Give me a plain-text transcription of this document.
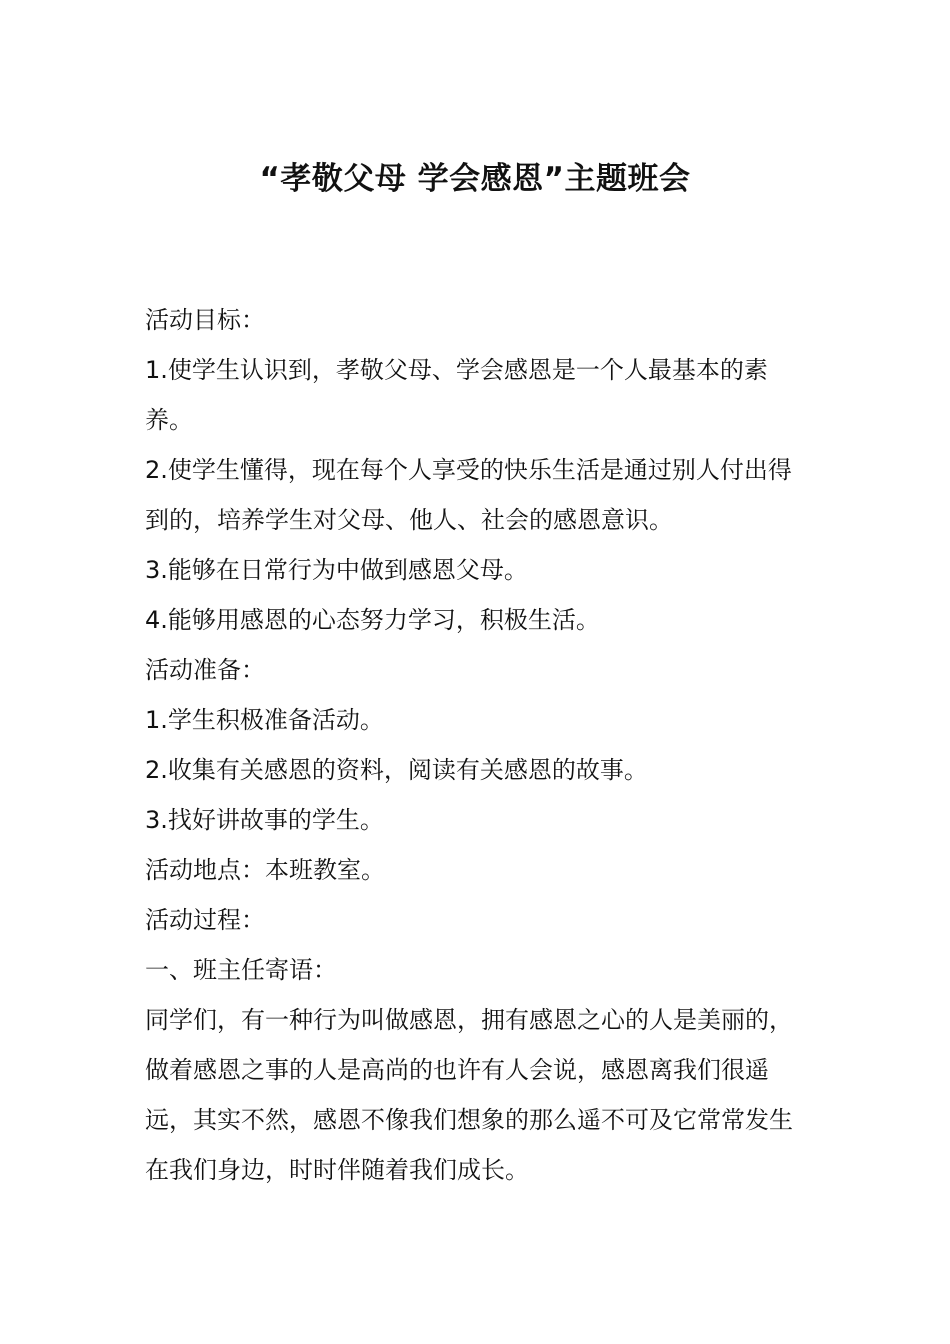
“孝敬父母 学会感恩”主题班会

活动目标：

1.使学生认识到，孝敬父母、学会感恩是一个人最基本的素养。

2.使学生懂得，现在每个人享受的快乐生活是通过别人付出得到的，培养学生对父母、他人、社会的感恩意识。

3.能够在日常行为中做到感恩父母。

4.能够用感恩的心态努力学习，积极生活。

活动准备：

1.学生积极准备活动。

2.收集有关感恩的资料，阅读有关感恩的故事。

3.找好讲故事的学生。

活动地点：本班教室。

活动过程：

一、班主任寄语：

同学们，有一种行为叫做感恩，拥有感恩之心的人是美丽的，做着感恩之事的人是高尚的也许有人会说，感恩离我们很遥远，其实不然，感恩不像我们想象的那么遥不可及它常常发生在我们身边，时时伴随着我们成长。
